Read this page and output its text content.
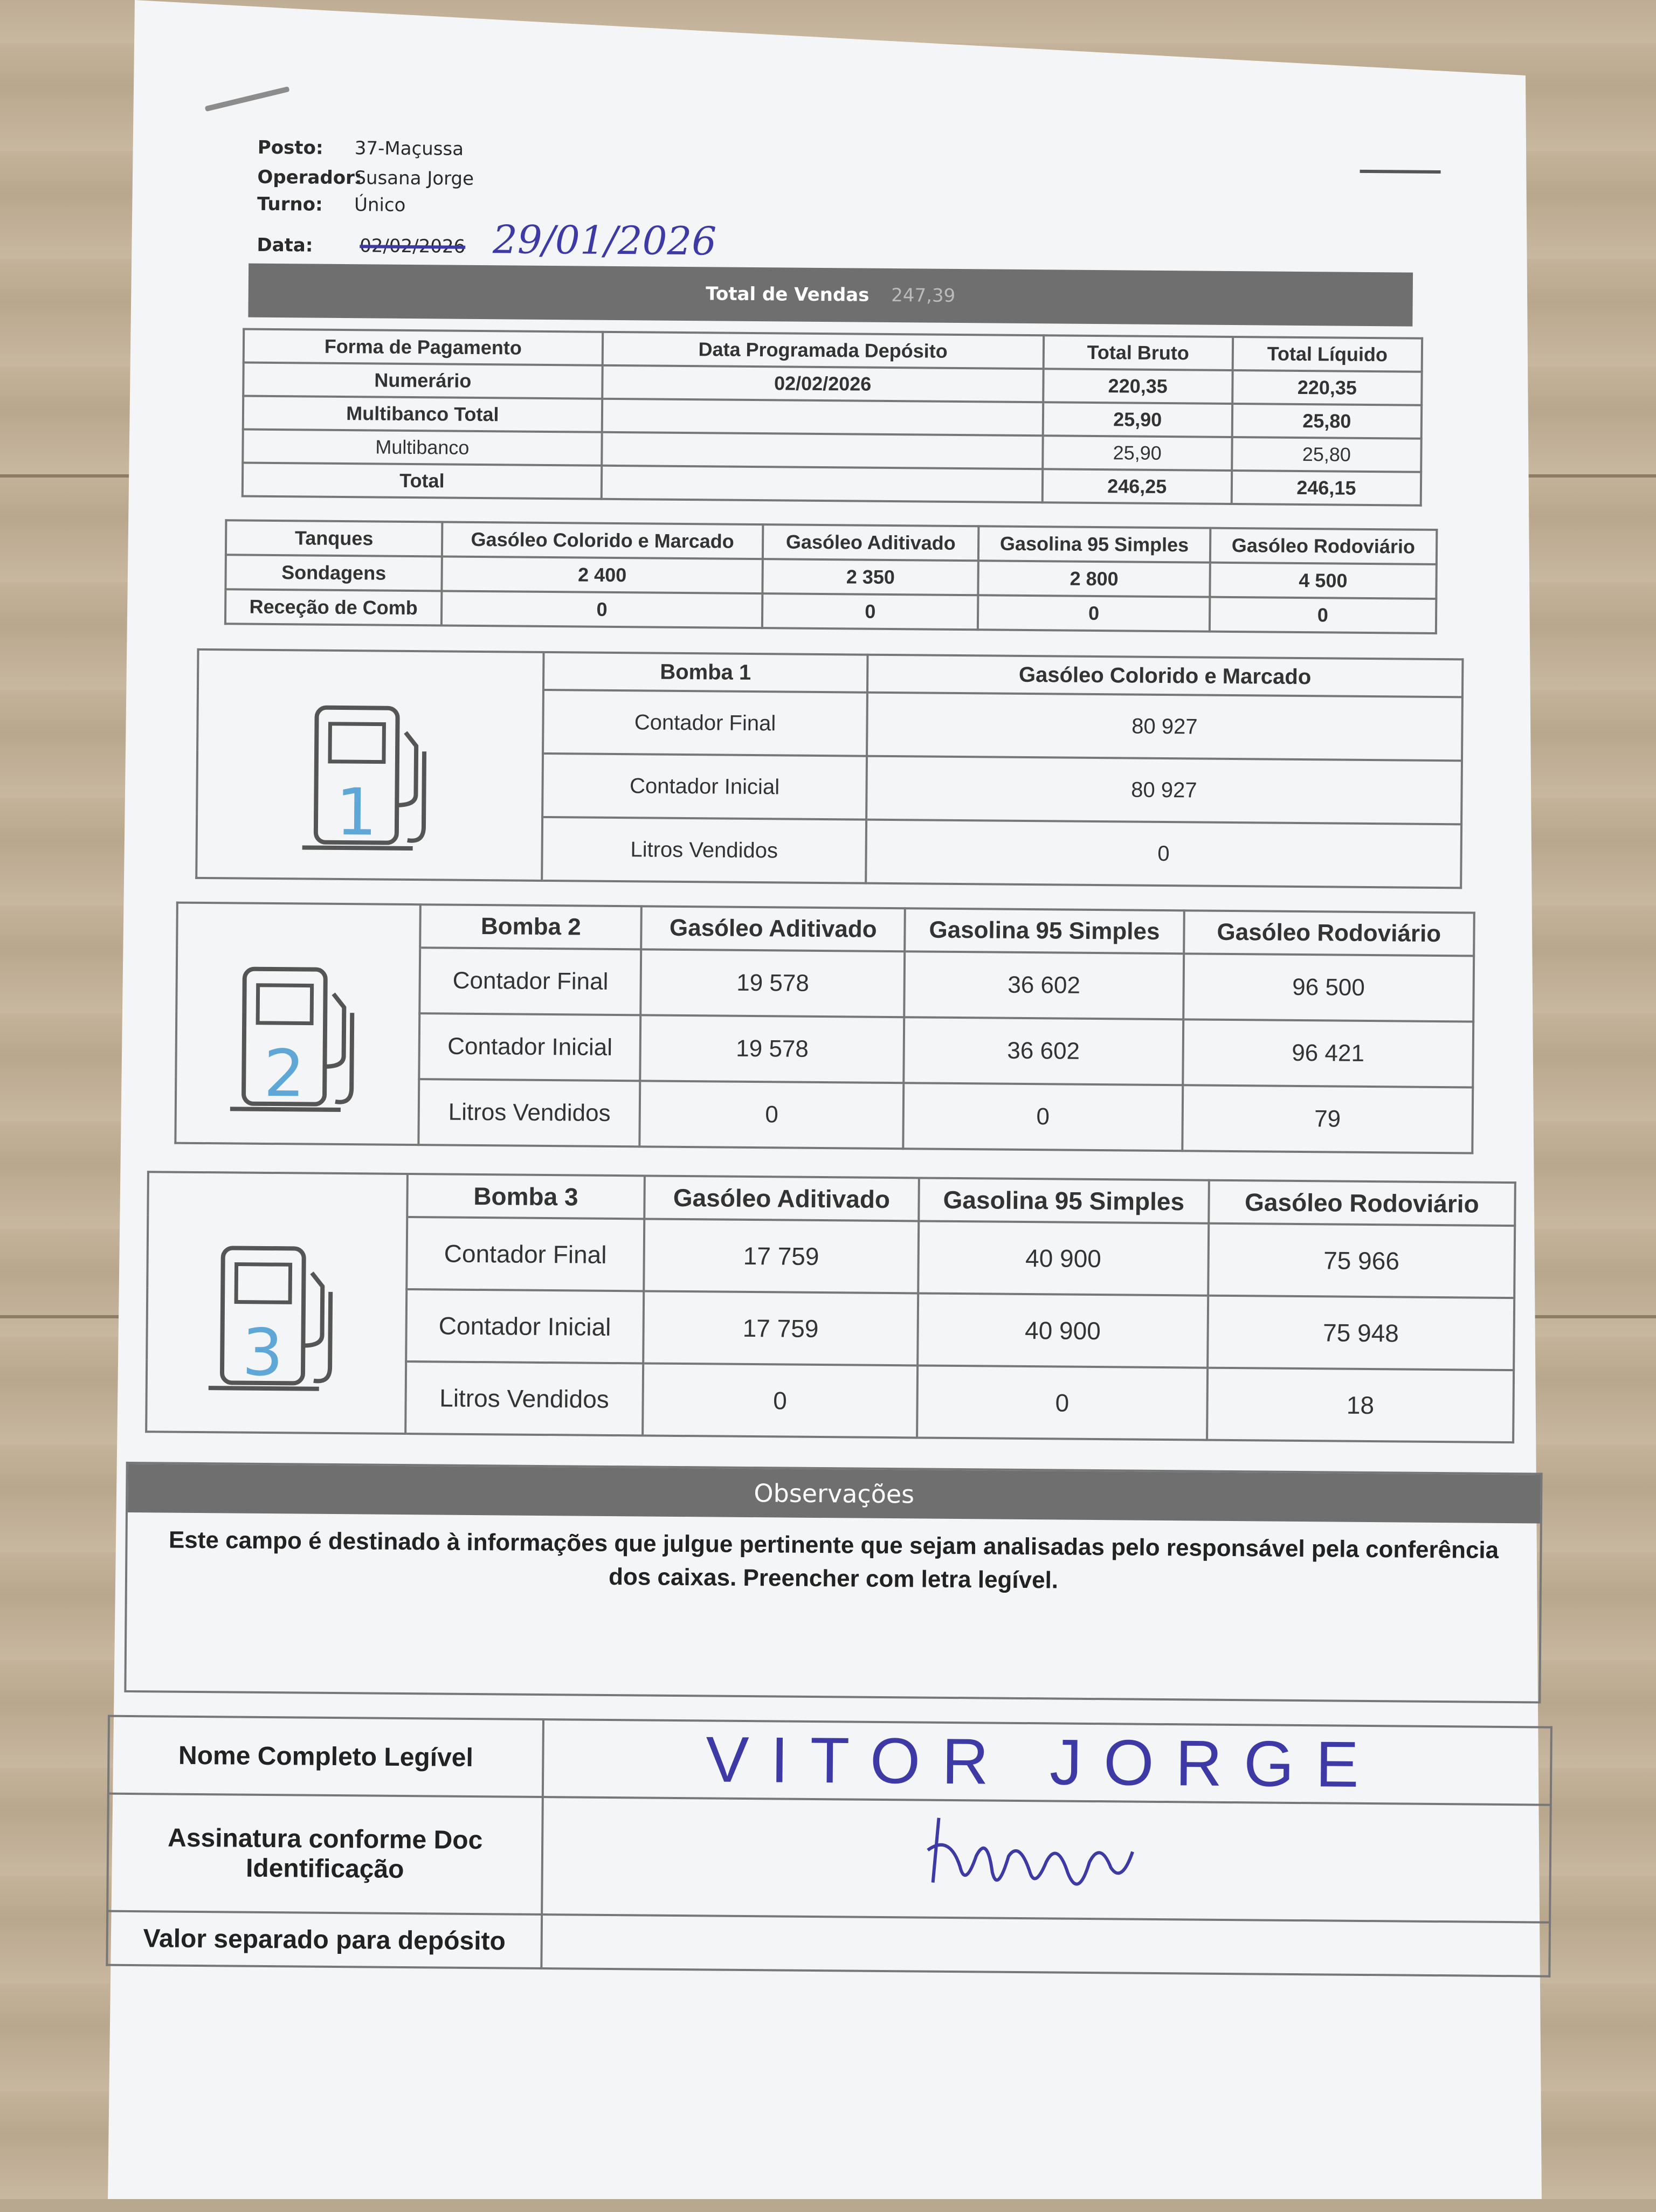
Posto: 37-Maçussa
Operador:Susana Jorge
Turno: Único
Data:	02/02/2026 29/01/2026
Total de Vendas 247,39
Forma de Pagamento	Data Programada Depósito	Total Bruto	Total Líquido
Numerário	02/02/2026	220,35	220,35
Multibanco Total		25,90	25,80
Multibanco		25,90	25,80
Total		246,25	246,15
Tanques	Gasóleo Colorido e Marcado	Gasóleo Aditivado	Gasolina 95 Simples	Gasóleo Rodoviário
Sondagens	2 400	2 350	2 800	4 500
Receção de Comb	0	0	0	0
	Bomba 1	Gasóleo Colorido e Marcado

1	Contador Final	80 927
	Contador Inicial	80 927
	Litros Vendidos	0
	Bomba 2	Gasóleo Aditivado	Gasolina 95 Simples	Gasóleo Rodoviário

2	Contador Final	19 578	36 602	96 500
	Contador Inicial	19 578	36 602	96 421
	Litros Vendidos	0	0	79
	Bomba 3	Gasóleo Aditivado	Gasolina 95 Simples	Gasóleo Rodoviário

3	Contador Final	17 759	40 900	75 966
	Contador Inicial	17 759	40 900	75 948
	Litros Vendidos	0	0	18
Observações
Este campo é destinado à informações que julgue pertinente que sejam analisadas pelo responsável pela conferência dos caixas. Preencher com letra legível.
Nome Completo Legível	VITOR JORGE
Assinatura conforme Doc Identificação	
Valor separado para depósito	
